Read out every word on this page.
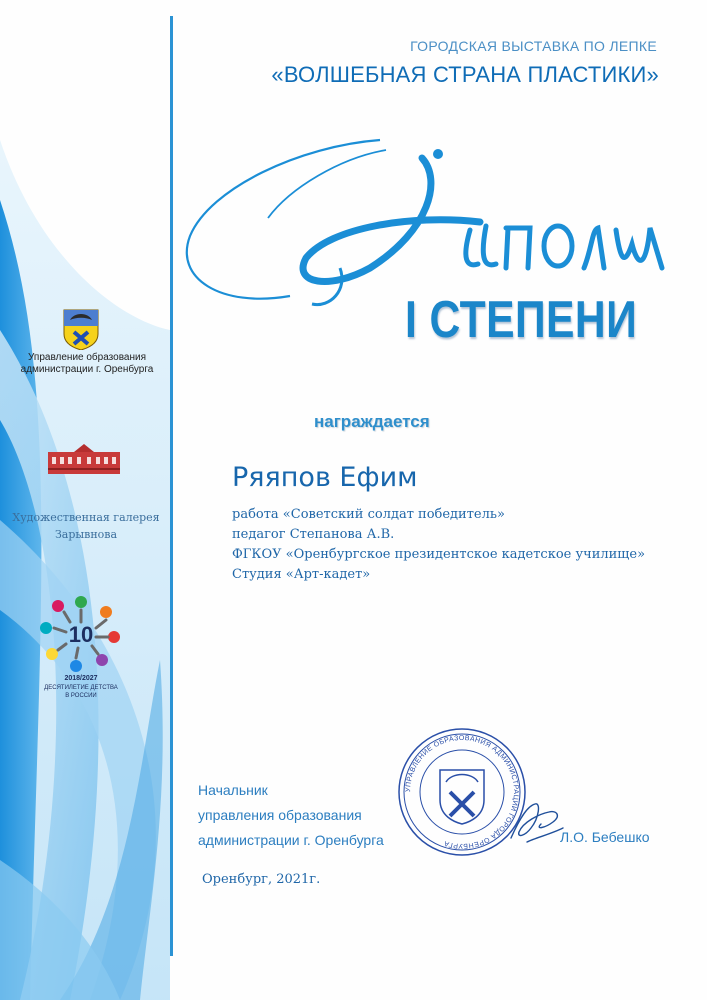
ГОРОДСКАЯ ВЫСТАВКА ПО ЛЕПКЕ
«ВОЛШЕБНАЯ СТРАНА ПЛАСТИКИ»
I СТЕПЕНИ
награждается
Ряяпов Ефим
работа «Советский солдат победитель»
педагог Степанова А.В.
ФГКОУ «Оренбургское президентское кадетское училище»
Студия «Арт-кадет»
Управление образования
администрации г. Оренбурга
Художественная галерея
Зарывнова
10
2018/2027
ДЕСЯТИЛЕТИЕ ДЕТСТВА
В РОССИИ
УПРАВЛЕНИЕ ОБРАЗОВАНИЯ АДМИНИСТРАЦИИ ГОРОДА ОРЕНБУРГА
Начальник
управления образования
администрации г. Оренбурга	Л.О. Бебешко
Оренбург, 2021г.
